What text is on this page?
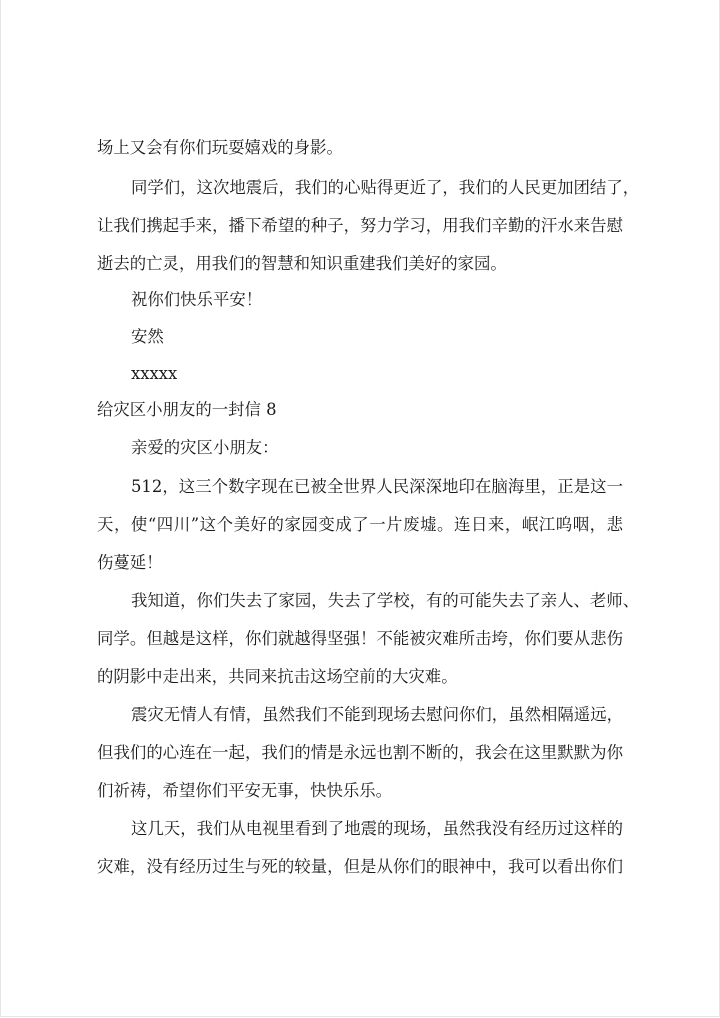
场上又会有你们玩耍嬉戏的身影。
同学们，这次地震后，我们的心贴得更近了，我们的人民更加团结了，
让我们携起手来，播下希望的种子，努力学习，用我们辛勤的汗水来告慰
逝去的亡灵，用我们的智慧和知识重建我们美好的家园。
祝你们快乐平安！
安然
xxxxx
给灾区小朋友的一封信 8
亲爱的灾区小朋友：
512，这三个数字现在已被全世界人民深深地印在脑海里，正是这一
天，使“四川”这个美好的家园变成了一片废墟。连日来，岷江呜咽，悲
伤蔓延！
我知道，你们失去了家园，失去了学校，有的可能失去了亲人、老师、
同学。但越是这样，你们就越得坚强！不能被灾难所击垮，你们要从悲伤
的阴影中走出来，共同来抗击这场空前的大灾难。
震灾无情人有情，虽然我们不能到现场去慰问你们，虽然相隔遥远，
但我们的心连在一起，我们的情是永远也割不断的，我会在这里默默为你
们祈祷，希望你们平安无事，快快乐乐。
这几天，我们从电视里看到了地震的现场，虽然我没有经历过这样的
灾难，没有经历过生与死的较量，但是从你们的眼神中，我可以看出你们
